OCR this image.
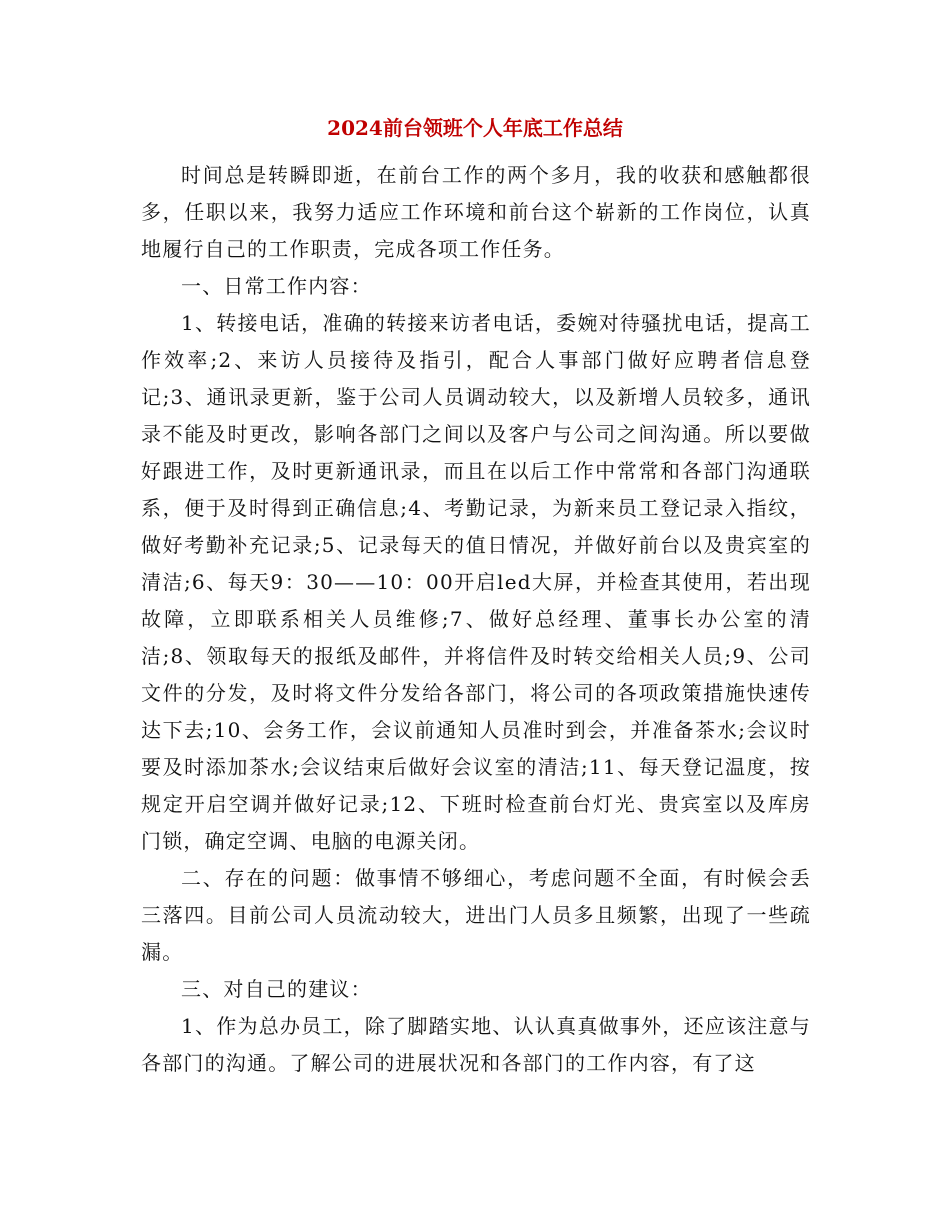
2024前台领班个人年底工作总结

时间总是转瞬即逝，在前台工作的两个多月，我的收获和感触都很多，任职以来，我努力适应工作环境和前台这个崭新的工作岗位，认真地履行自己的工作职责，完成各项工作任务。

一、日常工作内容：

1、转接电话，准确的转接来访者电话，委婉对待骚扰电话，提高工作效率;2、来访人员接待及指引，配合人事部门做好应聘者信息登记;3、通讯录更新，鉴于公司人员调动较大，以及新增人员较多，通讯录不能及时更改，影响各部门之间以及客户与公司之间沟通。所以要做好跟进工作，及时更新通讯录，而且在以后工作中常常和各部门沟通联系，便于及时得到正确信息;4、考勤记录，为新来员工登记录入指纹，做好考勤补充记录;5、记录每天的值日情况，并做好前台以及贵宾室的清洁;6、每天9：30——10：00开启led大屏，并检查其使用，若出现故障，立即联系相关人员维修;7、做好总经理、董事长办公室的清洁;8、领取每天的报纸及邮件，并将信件及时转交给相关人员;9、公司文件的分发，及时将文件分发给各部门，将公司的各项政策措施快速传达下去;10、会务工作，会议前通知人员准时到会，并准备茶水;会议时要及时添加茶水;会议结束后做好会议室的清洁;11、每天登记温度，按规定开启空调并做好记录;12、下班时检查前台灯光、贵宾室以及库房门锁，确定空调、电脑的电源关闭。

二、存在的问题：做事情不够细心，考虑问题不全面，有时候会丢三落四。目前公司人员流动较大，进出门人员多且频繁，出现了一些疏漏。

三、对自己的建议：

1、作为总办员工，除了脚踏实地、认认真真做事外，还应该注意与各部门的沟通。了解公司的进展状况和各部门的工作内容，有了这
